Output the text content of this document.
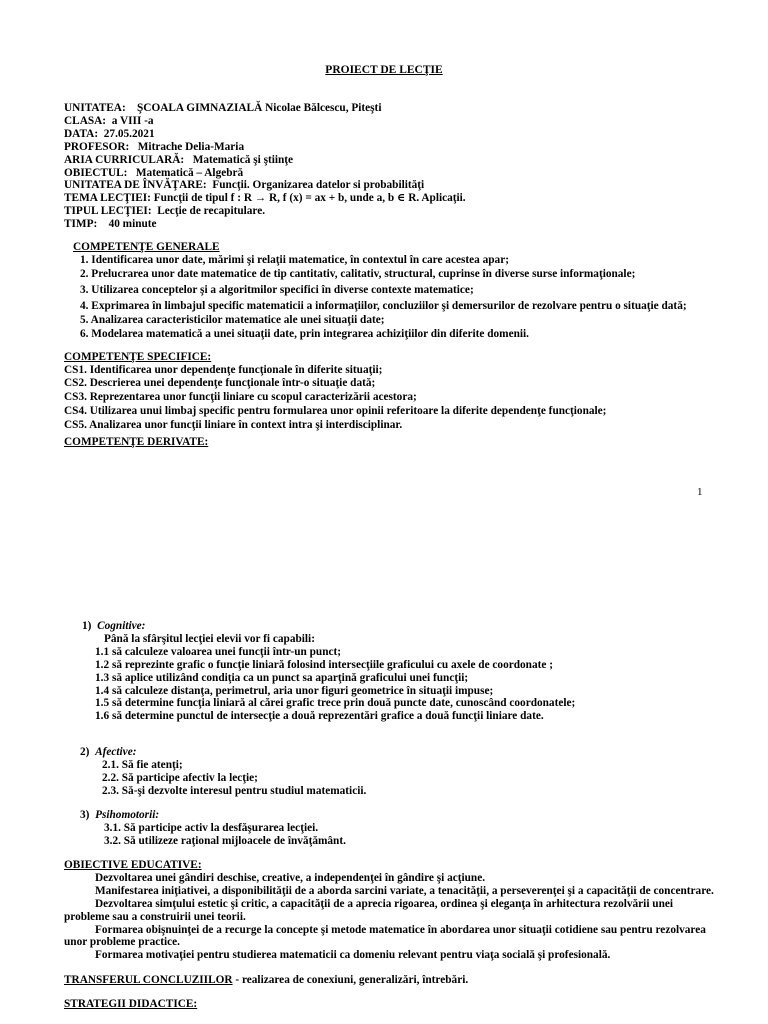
PROIECT DE LECŢIE
UNITATEA: ŞCOALA GIMNAZIALĂ Nicolae Bălcescu, Piteşti
CLASA: a VIII -a
DATA: 27.05.2021
PROFESOR: Mitrache Delia-Maria
ARIA CURRICULARĂ: Matematică şi ştiinţe
OBIECTUL: Matematică – Algebră
UNITATEA DE ÎNVĂŢARE: Funcţii. Organizarea datelor si probabilităţi
TEMA LECŢIEI: Funcţii de tipul f : R → R, f (x) = ax + b, unde a, b ∈ R. Aplicaţii.
TIPUL LECŢIEI: Lecţie de recapitulare.
TIMP: 40 minute
COMPETENŢE GENERALE
1. Identificarea unor date, mărimi şi relaţii matematice, în contextul în care acestea apar;
2. Prelucrarea unor date matematice de tip cantitativ, calitativ, structural, cuprinse în diverse surse informaţionale;
3. Utilizarea conceptelor şi a algoritmilor specifici în diverse contexte matematice;
4. Exprimarea în limbajul specific matematicii a informaţiilor, concluziilor şi demersurilor de rezolvare pentru o situaţie dată;
5. Analizarea caracteristicilor matematice ale unei situaţii date;
6. Modelarea matematică a unei situaţii date, prin integrarea achiziţiilor din diferite domenii.
COMPETENŢE SPECIFICE:
CS1. Identificarea unor dependenţe funcţionale în diferite situaţii;
CS2. Descrierea unei dependenţe funcţionale într-o situaţie dată;
CS3. Reprezentarea unor funcţii liniare cu scopul caracterizării acestora;
CS4. Utilizarea unui limbaj specific pentru formularea unor opinii referitoare la diferite dependenţe funcţionale;
CS5. Analizarea unor funcţii liniare în context intra şi interdisciplinar.
COMPETENŢE DERIVATE:
1
1) Cognitive:
Până la sfârşitul lecţiei elevii vor fi capabili:
1.1 să calculeze valoarea unei funcţii într-un punct;
1.2 să reprezinte grafic o funcţie liniară folosind intersecţiile graficului cu axele de coordonate ;
1.3 să aplice utilizând condiţia ca un punct sa aparţină graficului unei funcţii;
1.4 să calculeze distanţa, perimetrul, aria unor figuri geometrice în situaţii impuse;
1.5 să determine funcţia liniară al cărei grafic trece prin două puncte date, cunoscând coordonatele;
1.6 să determine punctul de intersecţie a două reprezentări grafice a două funcţii liniare date.
2) Afective:
2.1. Să fie atenţi;
2.2. Să participe afectiv la lecţie;
2.3. Să-şi dezvolte interesul pentru studiul matematicii.
3) Psihomotorii:
3.1. Să participe activ la desfăşurarea lecţiei.
3.2. Să utilizeze raţional mijloacele de învăţământ.
OBIECTIVE EDUCATIVE:
Dezvoltarea unei gândiri deschise, creative, a independenţei în gândire şi acţiune.
Manifestarea iniţiativei, a disponibilităţii de a aborda sarcini variate, a tenacităţii, a perseverenţei şi a capacităţii de concentrare.
Dezvoltarea simţului estetic şi critic, a capacităţii de a aprecia rigoarea, ordinea şi eleganţa în arhitectura rezolvării unei probleme sau a construirii unei teorii.
Formarea obişnuinţei de a recurge la concepte şi metode matematice în abordarea unor situaţii cotidiene sau pentru rezolvarea unor probleme practice.
Formarea motivaţiei pentru studierea matematicii ca domeniu relevant pentru viaţa socială şi profesională.
TRANSFERUL CONCLUZIILOR - realizarea de conexiuni, generalizări, întrebări.
STRATEGII DIDACTICE:
